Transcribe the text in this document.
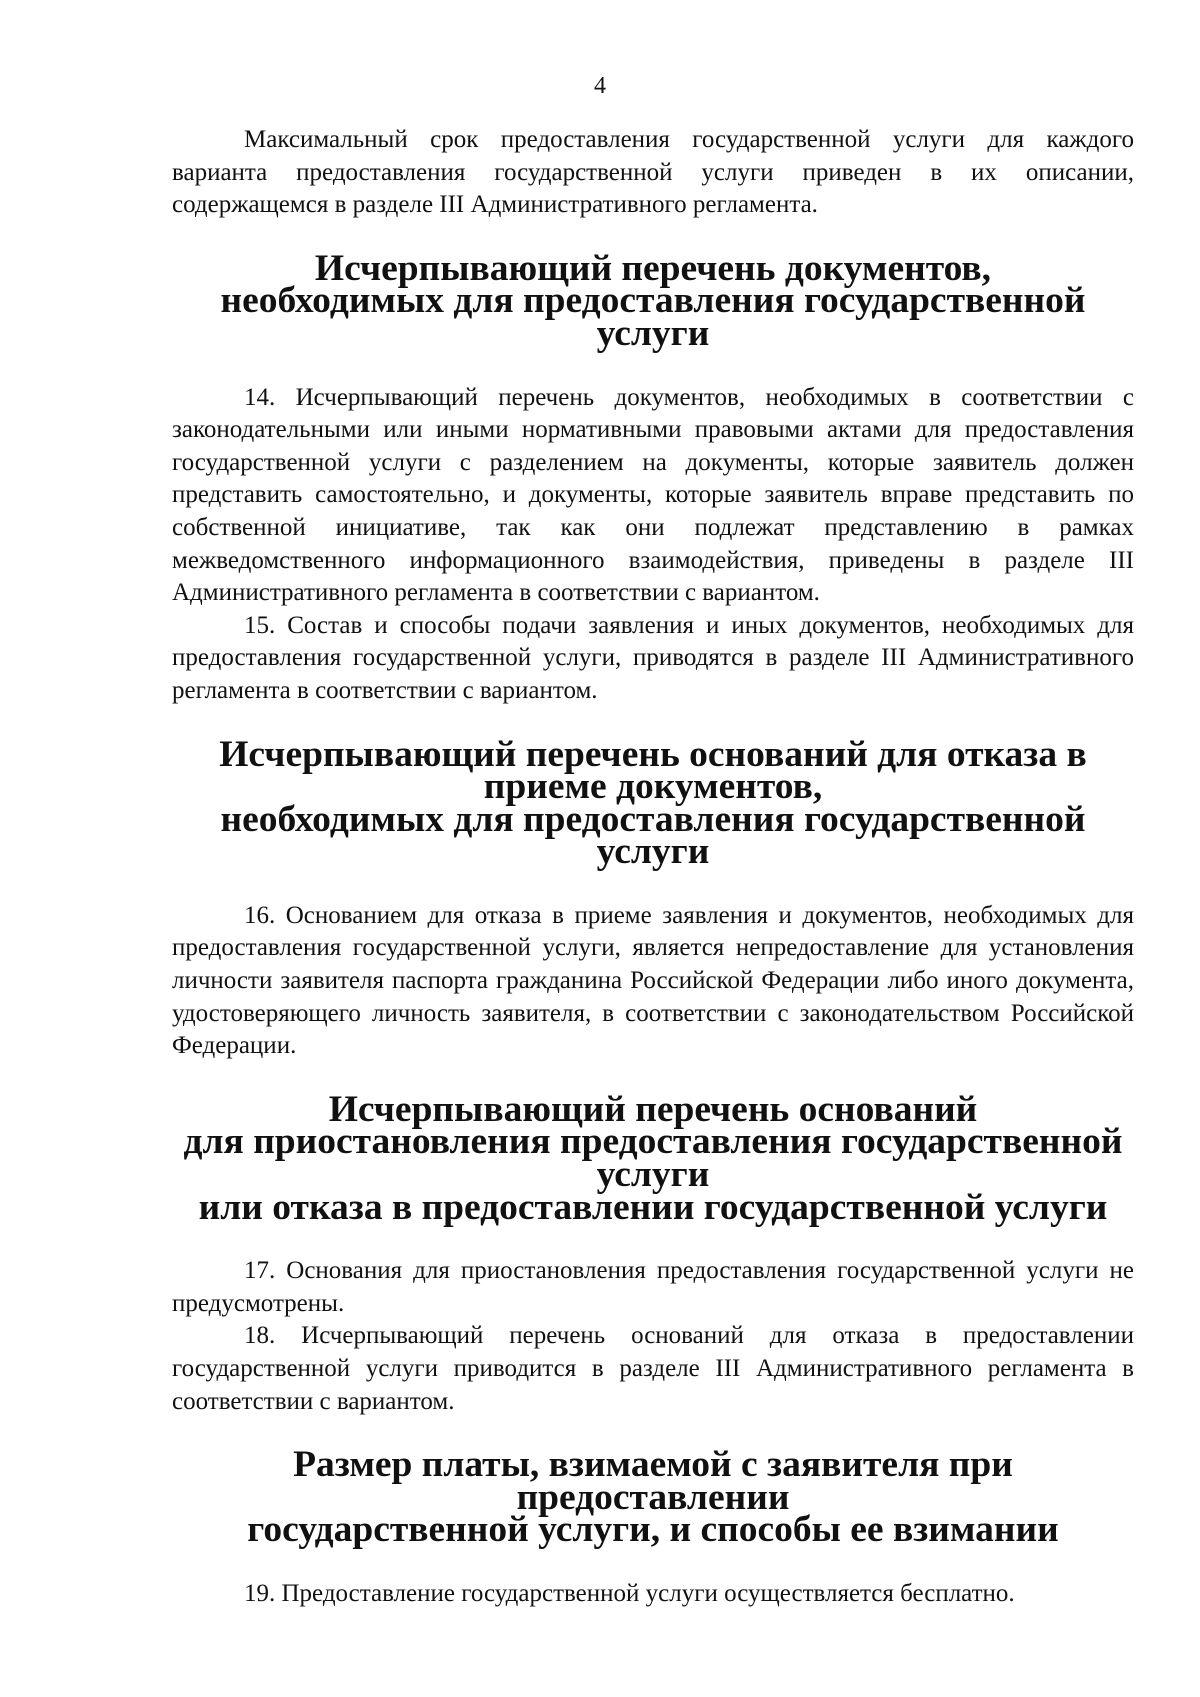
4

Максимальный срок предоставления государственной услуги для каждого варианта предоставления государственной услуги приведен в их описании, содержащемся в разделе III Административного регламента.

Исчерпывающий перечень документов,
необходимых для предоставления государственной услуги

14. Исчерпывающий перечень документов, необходимых в соответствии с законодательными или иными нормативными правовыми актами для предоставления государственной услуги с разделением на документы, которые заявитель должен представить самостоятельно, и документы, которые заявитель вправе представить по собственной инициативе, так как они подлежат представлению в рамках межведомственного информационного взаимодействия, приведены в разделе III Административного регламента в соответствии с вариантом.

15. Состав и способы подачи заявления и иных документов, необходимых для предоставления государственной услуги, приводятся в разделе III Административного регламента в соответствии с вариантом.

Исчерпывающий перечень оснований для отказа в приеме документов,
необходимых для предоставления государственной услуги

16. Основанием для отказа в приеме заявления и документов, необходимых для предоставления государственной услуги, является непредоставление для установления личности заявителя паспорта гражданина Российской Федерации либо иного документа, удостоверяющего личность заявителя, в соответствии с законодательством Российской Федерации.

Исчерпывающий перечень оснований
для приостановления предоставления государственной услуги
или отказа в предоставлении государственной услуги

17. Основания для приостановления предоставления государственной услуги не предусмотрены.

18. Исчерпывающий перечень оснований для отказа в предоставлении государственной услуги приводится в разделе III Административного регламента в соответствии с вариантом.

Размер платы, взимаемой с заявителя при предоставлении
государственной услуги, и способы ее взимании

19. Предоставление государственной услуги осуществляется бесплатно.
